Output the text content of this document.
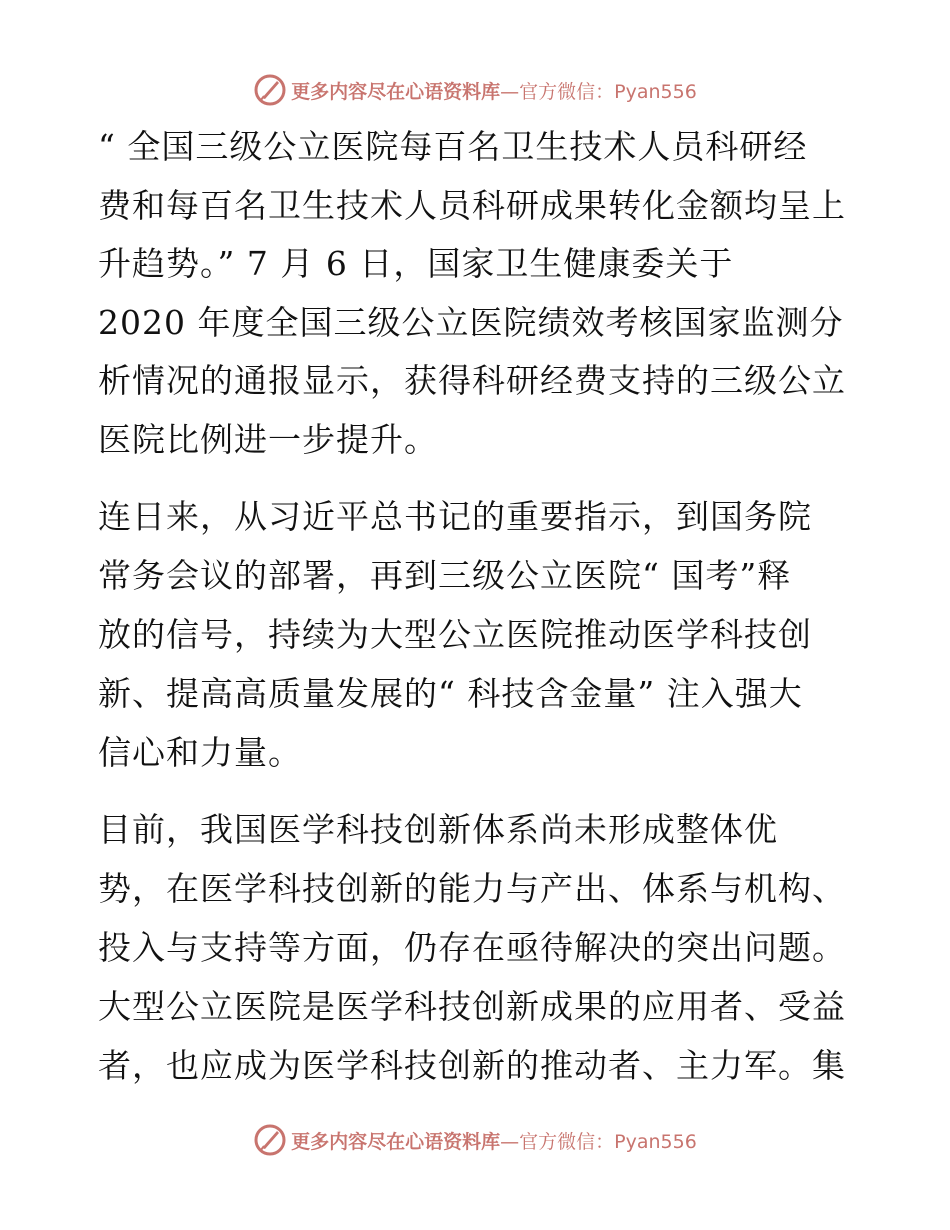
更多内容尽在心语资料库—官方微信：Pyan556
“ 全国三级公立医院每百名卫生技术人员科研经
费和每百名卫生技术人员科研成果转化金额均呈上
升趋势。” 7 月 6 日，国家卫生健康委关于
2020 年度全国三级公立医院绩效考核国家监测分
析情况的通报显示，获得科研经费支持的三级公立
医院比例进一步提升。
连日来，从习近平总书记的重要指示，到国务院
常务会议的部署，再到三级公立医院“ 国考”释
放的信号，持续为大型公立医院推动医学科技创
新、提高高质量发展的“ 科技含金量” 注入强大
信心和力量。
目前，我国医学科技创新体系尚未形成整体优
势，在医学科技创新的能力与产出、体系与机构、
投入与支持等方面，仍存在亟待解决的突出问题。
大型公立医院是医学科技创新成果的应用者、受益
者，也应成为医学科技创新的推动者、主力军。集
更多内容尽在心语资料库—官方微信：Pyan556
